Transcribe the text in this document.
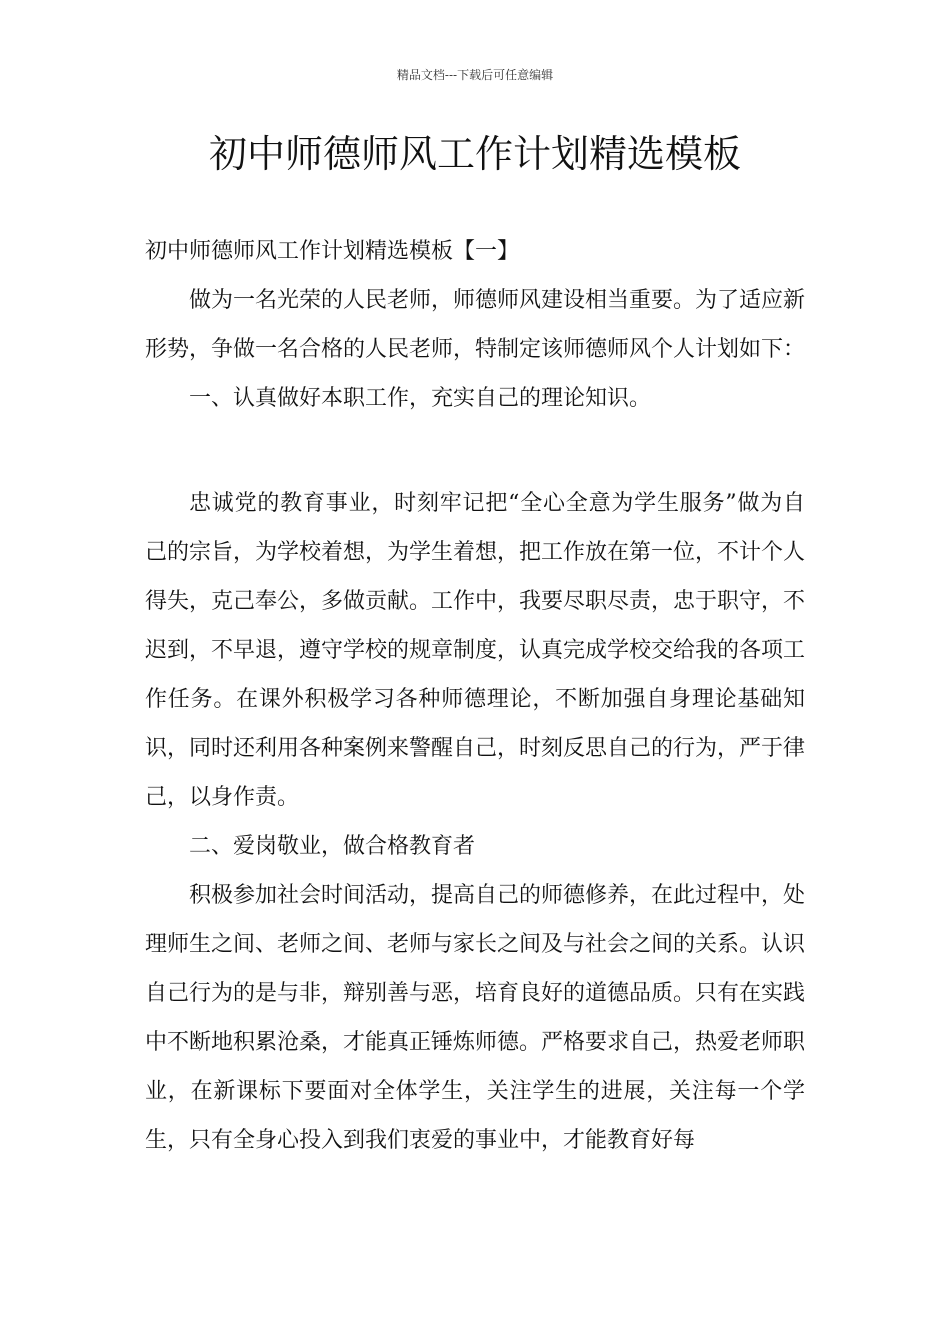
精品文档---下载后可任意编辑
初中师德师风工作计划精选模板

初中师德师风工作计划精选模板【一】

做为一名光荣的人民老师，师德师风建设相当重要。为了适应新形势，争做一名合格的人民老师，特制定该师德师风个人计划如下：

一、认真做好本职工作，充实自己的理论知识。

忠诚党的教育事业，时刻牢记把“全心全意为学生服务”做为自己的宗旨，为学校着想，为学生着想，把工作放在第一位，不计个人得失，克己奉公，多做贡献。工作中，我要尽职尽责，忠于职守，不迟到，不早退，遵守学校的规章制度，认真完成学校交给我的各项工作任务。在课外积极学习各种师德理论，不断加强自身理论基础知识，同时还利用各种案例来警醒自己，时刻反思自己的行为，严于律己，以身作责。

二、爱岗敬业，做合格教育者

积极参加社会时间活动，提高自己的师德修养，在此过程中，处理师生之间、老师之间、老师与家长之间及与社会之间的关系。认识自己行为的是与非，辩别善与恶，培育良好的道德品质。只有在实践中不断地积累沧桑，才能真正锤炼师德。严格要求自己，热爱老师职业，在新课标下要面对全体学生，关注学生的进展，关注每一个学生，只有全身心投入到我们衷爱的事业中，才能教育好每
